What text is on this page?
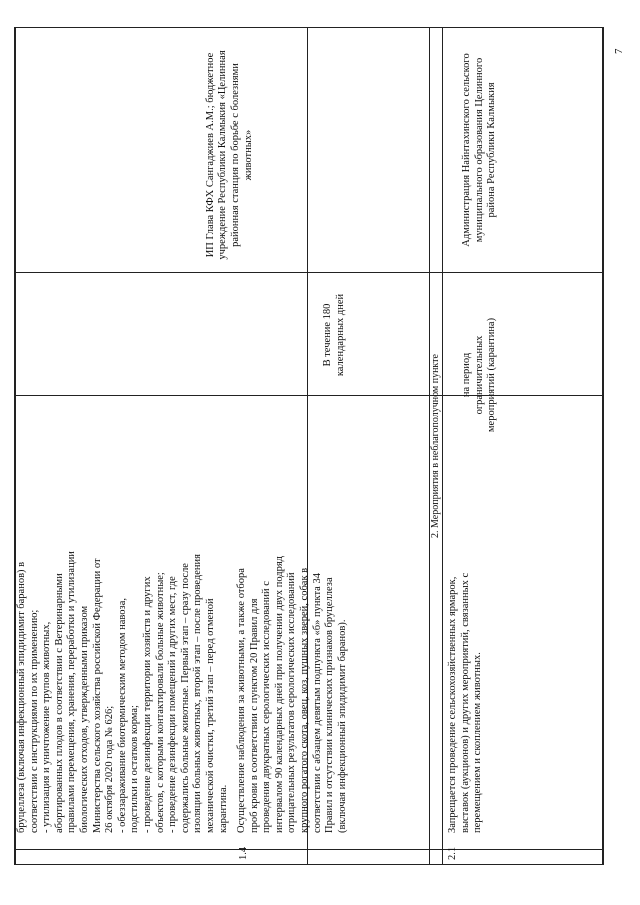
бруцеллеза (включая инфекционный эпидидимит баранов) в соответствии с инструкциями по их применению; - утилизация и уничтожение трупов животных, абортированных плодов в соответствии с Ветеринарными правилами перемещения, хранения, переработки и утилизации биологических отходов, утвержденными приказом Министерства сельского хозяйства российской Федерации от 26 октября 2020 года № 626; - обеззараживание биотермическим методом навоза, подстилки и остатков корма; - проведение дезинфекции территории хозяйств и других объектов, с которыми контактировали больные животные; - проведение дезинфекции помещений и других мест, где содержались больные животные. Первый этап – сразу после изоляции больных животных, второй этап – после проведения механической очистки, третий этап – перед отменой карантина.
ИП Глава КФХ Сангаджиев А.М.; бюджетное учреждение Республики Калмыкия «Целинная районная станция по борьбе с болезнями животных»
1.4
Осуществление наблюдения за животными, а также отбора проб крови в соответствии с пунктом 20 Правил для проведения двукратных серологических исследований с интервалом 90 календарных дней при получении двух подряд отрицательных результатов серологических исследований крупного рогатого скота, овец, коз, пушных зверей, собак в соответствии с абзацем девятым подпункта «б» пункта 34 Правил и отсутствии клинических признаков бруцеллеза (включая инфекционный эпидидимит баранов).
В течение 180 календарных дней
2. Мероприятия в неблагополучном пункте
2.1
Запрещается проведение сельскохозяйственных ярмарок, выставок (аукционов) и других мероприятий, связанных с перемещением и скоплением животных.
на период ограничительных мероприятий (карантина)
Администрация Найнтахинского сельского муниципального образования Целинного района Республики Калмыкия
7
